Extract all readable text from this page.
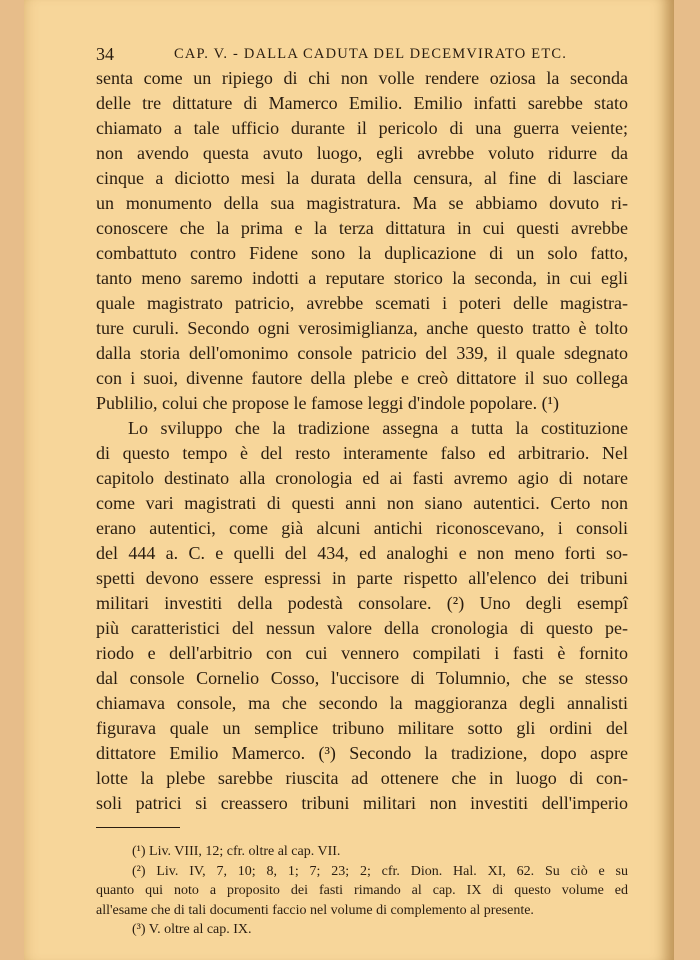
34	CAP. V. - DALLA CADUTA DEL DECEMVIRATO ETC.
senta come un ripiego di chi non volle rendere oziosa la seconda
delle tre dittature di Mamerco Emilio. Emilio infatti sarebbe stato
chiamato a tale ufficio durante il pericolo di una guerra veiente;
non avendo questa avuto luogo, egli avrebbe voluto ridurre da
cinque a diciotto mesi la durata della censura, al fine di lasciare
un monumento della sua magistratura. Ma se abbiamo dovuto ri-
conoscere che la prima e la terza dittatura in cui questi avrebbe
combattuto contro Fidene sono la duplicazione di un solo fatto,
tanto meno saremo indotti a reputare storico la seconda, in cui egli
quale magistrato patricio, avrebbe scemati i poteri delle magistra-
ture curuli. Secondo ogni verosimiglianza, anche questo tratto è tolto
dalla storia dell'omonimo console patricio del 339, il quale sdegnato
con i suoi, divenne fautore della plebe e creò dittatore il suo collega
Publilio, colui che propose le famose leggi d'indole popolare. (¹)
Lo sviluppo che la tradizione assegna a tutta la costituzione
di questo tempo è del resto interamente falso ed arbitrario. Nel
capitolo destinato alla cronologia ed ai fasti avremo agio di notare
come vari magistrati di questi anni non siano autentici. Certo non
erano autentici, come già alcuni antichi riconoscevano, i consoli
del 444 a. C. e quelli del 434, ed analoghi e non meno forti so-
spetti devono essere espressi in parte rispetto all'elenco dei tribuni
militari investiti della podestà consolare. (²) Uno degli esempî
più caratteristici del nessun valore della cronologia di questo pe-
riodo e dell'arbitrio con cui vennero compilati i fasti è fornito
dal console Cornelio Cosso, l'uccisore di Tolumnio, che se stesso
chiamava console, ma che secondo la maggioranza degli annalisti
figurava quale un semplice tribuno militare sotto gli ordini del
dittatore Emilio Mamerco. (³) Secondo la tradizione, dopo aspre
lotte la plebe sarebbe riuscita ad ottenere che in luogo di con-
soli patrici si creassero tribuni militari non investiti dell'imperio
(¹) Liv. VIII, 12; cfr. oltre al cap. VII.
(²) Liv. IV, 7, 10; 8, 1; 7; 23; 2; cfr. Dion. Hal. XI, 62. Su ciò e su
quanto qui noto a proposito dei fasti rimando al cap. IX di questo volume ed
all'esame che di tali documenti faccio nel volume di complemento al presente.
(³) V. oltre al cap. IX.
